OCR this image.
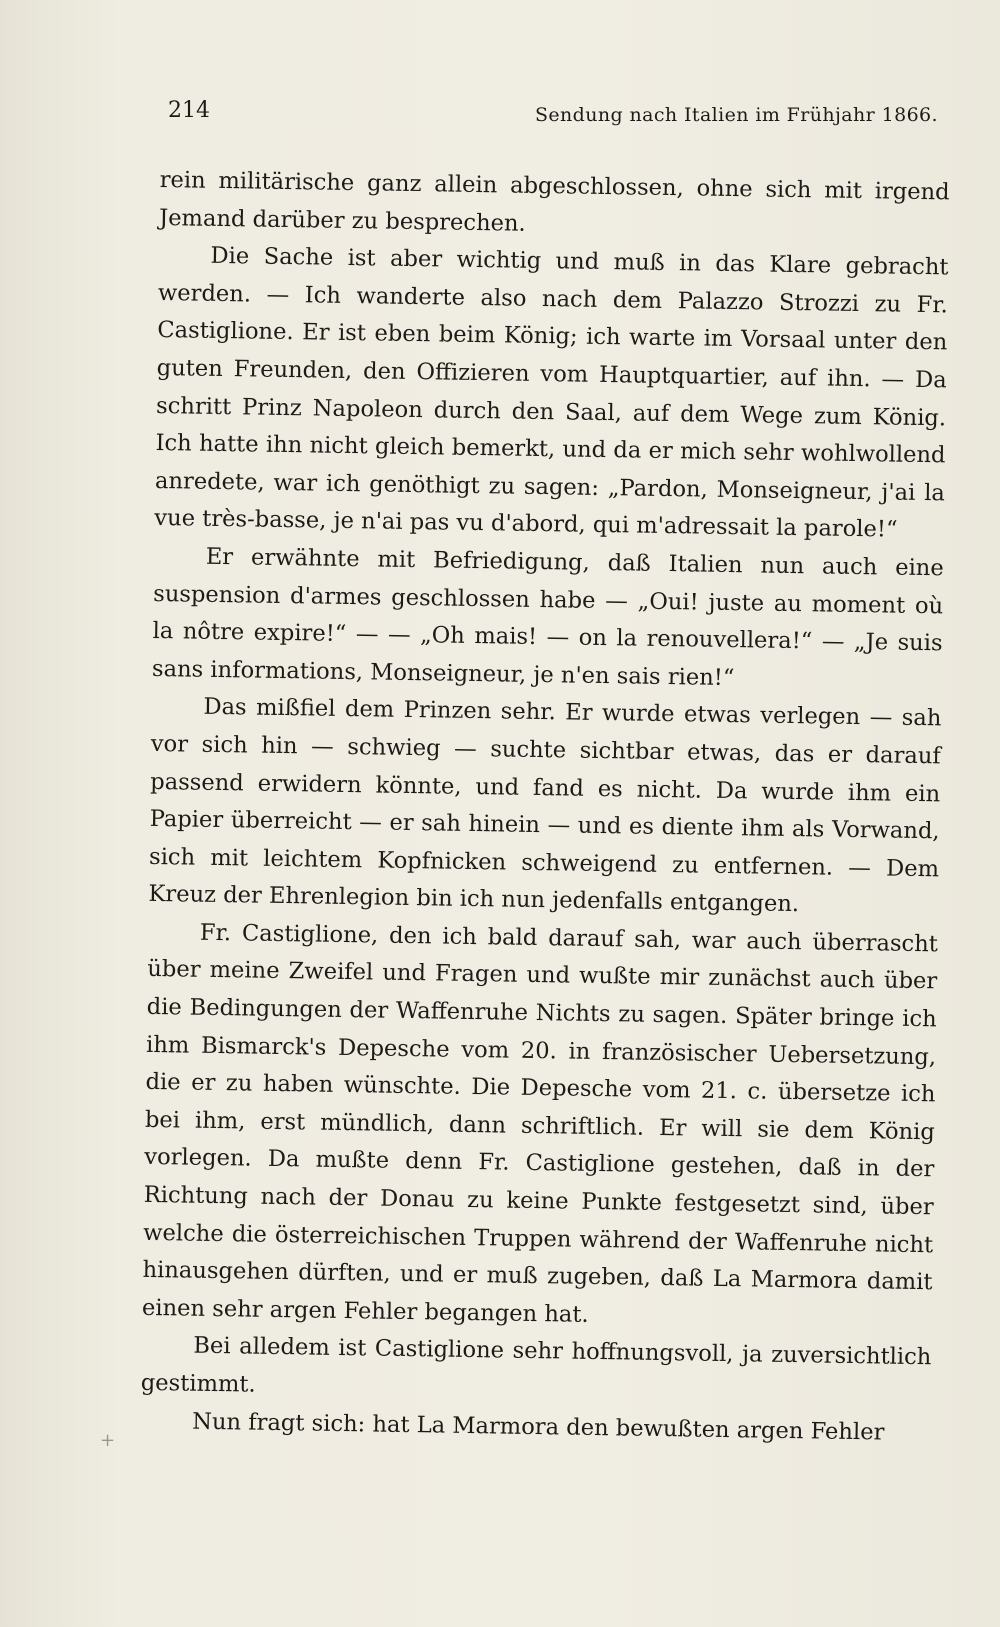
214	Sendung nach Italien im Frühjahr 1866.

rein militärische ganz allein abgeschlossen, ohne sich mit irgend Jemand darüber zu besprechen.

Die Sache ist aber wichtig und muß in das Klare gebracht werden. — Ich wanderte also nach dem Palazzo Strozzi zu Fr. Castiglione. Er ist eben beim König; ich warte im Vorsaal unter den guten Freunden, den Offizieren vom Hauptquartier, auf ihn. — Da schritt Prinz Napoleon durch den Saal, auf dem Wege zum König. Ich hatte ihn nicht gleich bemerkt, und da er mich sehr wohlwollend anredete, war ich genöthigt zu sagen: „Pardon, Monseigneur, j'ai la vue très-basse, je n'ai pas vu d'abord, qui m'adressait la parole!“

Er erwähnte mit Befriedigung, daß Italien nun auch eine suspension d'armes geschlossen habe — „Oui! juste au moment où la nôtre expire!“ — — „Oh mais! — on la renouvellera!“ — „Je suis sans informations, Monseigneur, je n'en sais rien!“

Das mißfiel dem Prinzen sehr. Er wurde etwas verlegen — sah vor sich hin — schwieg — suchte sichtbar etwas, das er darauf passend erwidern könnte, und fand es nicht. Da wurde ihm ein Papier überreicht — er sah hinein — und es diente ihm als Vorwand, sich mit leichtem Kopfnicken schweigend zu entfernen. — Dem Kreuz der Ehrenlegion bin ich nun jedenfalls entgangen.

Fr. Castiglione, den ich bald darauf sah, war auch überrascht über meine Zweifel und Fragen und wußte mir zunächst auch über die Bedingungen der Waffenruhe Nichts zu sagen. Später bringe ich ihm Bismarck's Depesche vom 20. in französischer Uebersetzung, die er zu haben wünschte. Die Depesche vom 21. c. übersetze ich bei ihm, erst mündlich, dann schriftlich. Er will sie dem König vorlegen. Da mußte denn Fr. Castiglione gestehen, daß in der Richtung nach der Donau zu keine Punkte festgesetzt sind, über welche die österreichischen Truppen während der Waffenruhe nicht hinausgehen dürften, und er muß zugeben, daß La Marmora damit einen sehr argen Fehler begangen hat.

Bei alledem ist Castiglione sehr hoffnungsvoll, ja zuversichtlich gestimmt.

Nun fragt sich: hat La Marmora den bewußten argen Fehler

+
